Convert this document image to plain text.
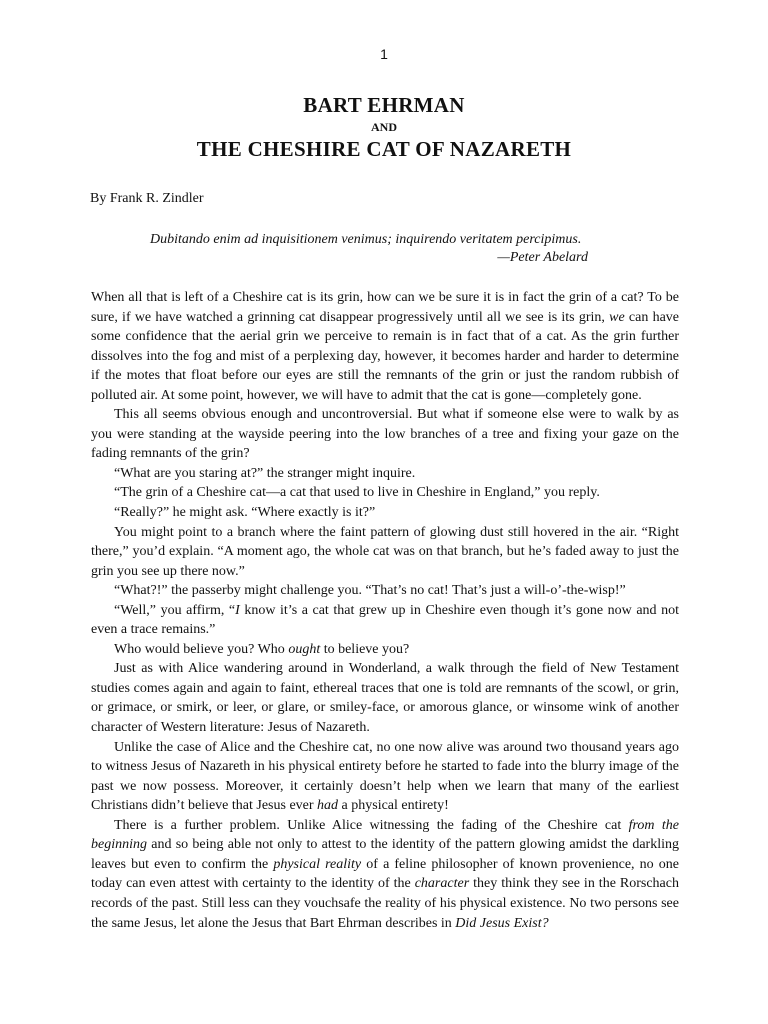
1
BART EHRMAN
AND
THE CHESHIRE CAT OF NAZARETH
By Frank R. Zindler
Dubitando enim ad inquisitionem venimus; inquirendo veritatem percipimus.
—Peter Abelard

When all that is left of a Cheshire cat is its grin, how can we be sure it is in fact the grin of a cat? To be sure, if we have watched a grinning cat disappear progressively until all we see is its grin, we can have some confidence that the aerial grin we perceive to remain is in fact that of a cat. As the grin further dissolves into the fog and mist of a perplexing day, however, it becomes harder and harder to determine if the motes that float before our eyes are still the remnants of the grin or just the random rubbish of polluted air. At some point, however, we will have to admit that the cat is gone—completely gone.

This all seems obvious enough and uncontroversial. But what if someone else were to walk by as you were standing at the wayside peering into the low branches of a tree and fixing your gaze on the fading remnants of the grin?

“What are you staring at?” the stranger might inquire.

“The grin of a Cheshire cat—a cat that used to live in Cheshire in England,” you reply.

“Really?” he might ask. “Where exactly is it?”

You might point to a branch where the faint pattern of glowing dust still hovered in the air. “Right there,” you’d explain. “A moment ago, the whole cat was on that branch, but he’s faded away to just the grin you see up there now.”

“What?!” the passerby might challenge you. “That’s no cat! That’s just a will-o’-the-wisp!”

“Well,” you affirm, “I know it’s a cat that grew up in Cheshire even though it’s gone now and not even a trace remains.”

Who would believe you? Who ought to believe you?

Just as with Alice wandering around in Wonderland, a walk through the field of New Testament studies comes again and again to faint, ethereal traces that one is told are remnants of the scowl, or grin, or grimace, or smirk, or leer, or glare, or smiley-face, or amorous glance, or winsome wink of another character of Western literature: Jesus of Nazareth.

Unlike the case of Alice and the Cheshire cat, no one now alive was around two thousand years ago to witness Jesus of Nazareth in his physical entirety before he started to fade into the blurry image of the past we now possess. Moreover, it certainly doesn’t help when we learn that many of the earliest Christians didn’t believe that Jesus ever had a physical entirety!

There is a further problem. Unlike Alice witnessing the fading of the Cheshire cat from the beginning and so being able not only to attest to the identity of the pattern glowing amidst the darkling leaves but even to confirm the physical reality of a feline philosopher of known provenience, no one today can even attest with certainty to the identity of the character they think they see in the Rorschach records of the past. Still less can they vouchsafe the reality of his physical existence. No two persons see the same Jesus, let alone the Jesus that Bart Ehrman describes in Did Jesus Exist?
